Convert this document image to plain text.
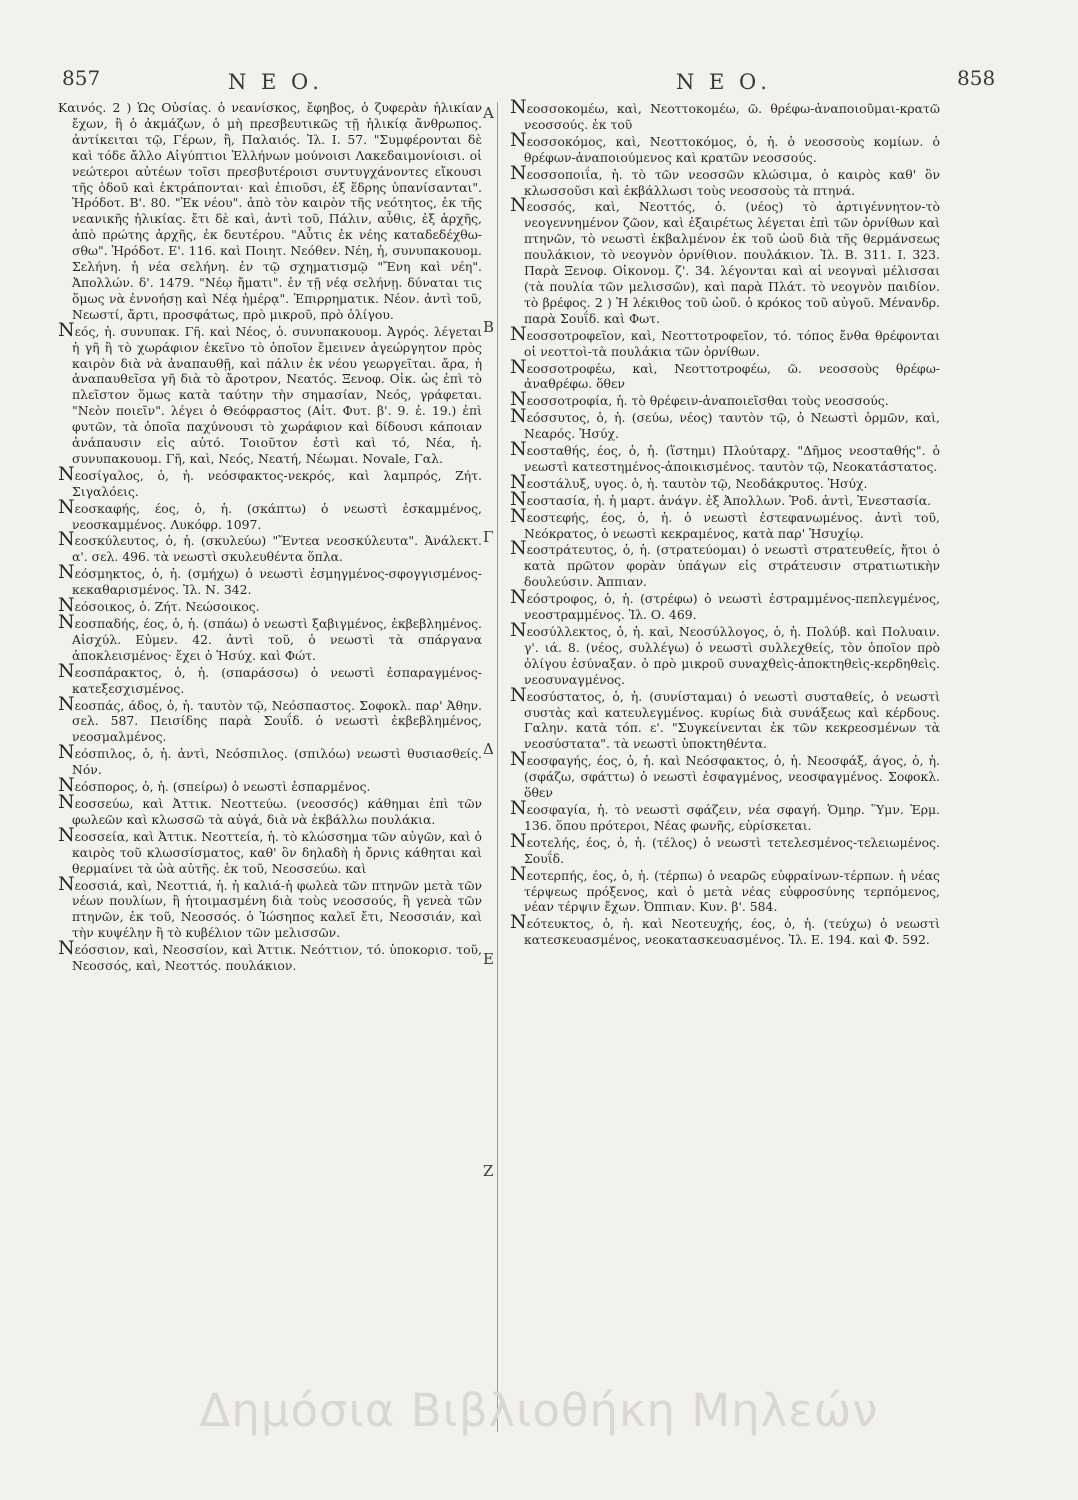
857	Ν Ε Ο.	Ν Ε Ο.	858

Καινός. 2 ) Ὡς Οὐσίας. ὁ νεανίσκος, ἔφηβος, ὁ ζυφερὰν ἡλικίαν ἔχων, ἢ ὁ ἀκμάζων, ὁ μὴ πρεσβευτικῶς τῇ ἡλικίᾳ ἄνθρωπος. ἀντίκειται τῷ, Γέρων, ἢ, Παλαιός. Ἰλ. Ι. 57. "Συμφέρονται δὲ καὶ τόδε ἄλλο Αἰγύπτιοι Ἑλλήνων μούνοισι Λακεδαιμονίοισι. οἱ νεώτεροι αὐτέων τοῖσι πρεσβυτέροισι συντυγχάνοντες εἴκουσι τῆς ὁδοῦ καὶ ἐκτράπονται· καὶ ἐπιοῦσι, ἐξ ἕδρης ὑπανίσανται". Ἡρόδοτ. Β'. 80. "Ἐκ νέου". ἀπὸ τὸν καιρὸν τῆς νεότητος, ἐκ τῆς νεανικῆς ἡλικίας. ἔτι δὲ καὶ, ἀντὶ τοῦ, Πάλιν, αὖθις, ἐξ ἀρχῆς, ἀπὸ πρώτης ἀρχῆς, ἐκ δευτέρου. "Αὖτις ἐκ νέης καταδεδέχθω-σθω". Ἡρόδοτ. Ε'. 116. καὶ Ποιητ. Νεόθεν. Νέη, ἡ, συνυπακουομ. Σελήνη. ἡ νέα σελήνη. ἐν τῷ σχηματισμῷ "Ἔνη καὶ νέη". Ἀπολλών. δ'. 1479. "Νέῳ ἤματι". ἐν τῇ νέᾳ σελήνῃ. δύναται τις ὅμως νὰ ἐννοήσῃ καὶ Νέᾳ ἡμέρᾳ". Ἐπιρρηματικ. Νέον. ἀντὶ τοῦ, Νεωστί, ἄρτι, προσφάτως, πρὸ μικροῦ, πρὸ ὀλίγου.

Νεός, ἡ. συνυπακ. Γῆ. καὶ Νέος, ὁ. συνυπακουομ. Ἀγρός. λέγεται ἡ γῆ ἢ τὸ χωράφιον ἐκεῖνο τὸ ὁποῖον ἔμεινεν ἀγεώργητον πρὸς καιρὸν διὰ νὰ ἀναπαυθῇ, καὶ πάλιν ἐκ νέου γεωργεῖται. ἄρα, ἡ ἀναπαυθεῖσα γῆ διὰ τὸ ἄροτρον, Νεατός. Ξενοφ. Οἰκ. ὡς ἐπὶ τὸ πλεῖστον ὅμως κατὰ ταύτην τὴν σημασίαν, Νεός, γράφεται. "Νεὸν ποιεῖν". λέγει ὁ Θεόφραστος (Αἰτ. Φυτ. β'. 9. ἐ. 19.) ἐπὶ φυτῶν, τὰ ὁποῖα παχύνουσι τὸ χωράφιον καὶ δίδουσι κάποιαν ἀνάπαυσιν εἰς αὐτό. Τοιοῦτον ἐστὶ καὶ τό, Νέα, ἡ. συνυπακουομ. Γῆ, καὶ, Νεός, Νεατή, Νέωμαι. Novale, Γαλ.

Νεοσίγαλος, ὁ, ἡ. νεόσφακτος-νεκρός, καὶ λαμπρός, Ζήτ. Σιγαλόεις.

Νεοσκαφής, έος, ὁ, ἡ. (σκάπτω) ὁ νεωστὶ ἐσκαμμένος, νεοσκαμμένος. Λυκόφρ. 1097.

Νεοσκύλευτος, ὁ, ἡ. (σκυλεύω) "Ἔντεα νεοσκύλευτα". Ἀνάλεκτ. α'. σελ. 496. τὰ νεωστὶ σκυλευθέντα ὅπλα.

Νεόσμηκτος, ὁ, ἡ. (σμήχω) ὁ νεωστὶ ἐσμηγμένος-σφογγισμένος-κεκαθαρισμένος. Ἰλ. Ν. 342.

Νεόσοικος, ὁ. Ζήτ. Νεώσοικος.

Νεοσπαδής, έος, ὁ, ἡ. (σπάω) ὁ νεωστὶ ξαβιγμένος, ἐκβεβλημένος. Αἰσχύλ. Εὐμεν. 42. ἀντὶ τοῦ, ὁ νεωστὶ τὰ σπάργανα ἀποκλεισμένος· ἔχει ὁ Ἡσύχ. καὶ Φώτ.

Νεοσπάρακτος, ὁ, ἡ. (σπαράσσω) ὁ νεωστὶ ἐσπαραγμένος-κατεξεσχισμένος.

Νεοσπάς, άδος, ὁ, ἡ. ταυτὸν τῷ, Νεόσπαστος. Σοφοκλ. παρ' Ἀθην. σελ. 587. Πεισίδης παρὰ Σουΐδ. ὁ νεωστὶ ἐκβεβλημένος, νεοσμαλμένος.

Νεόσπιλος, ὁ, ἡ. ἀντὶ, Νεόσπιλος. (σπιλόω) νεωστὶ θυσιασθείς. Νόν.

Νεόσπορος, ὁ, ἡ. (σπείρω) ὁ νεωστὶ ἐσπαρμένος.

Νεοσσεύω, καὶ Ἀττικ. Νεοττεύω. (νεοσσός) κάθημαι ἐπὶ τῶν φωλεῶν καὶ κλωσσῶ τὰ αὐγά, διὰ νὰ ἐκβάλλω πουλάκια.

Νεοσσεία, καὶ Ἀττικ. Νεοττεία, ἡ. τὸ κλώσσημα τῶν αὐγῶν, καὶ ὁ καιρὸς τοῦ κλωσσίσματος, καθ' ὃν δηλαδὴ ἡ ὄρνις κάθηται καὶ θερμαίνει τὰ ὠὰ αὐτῆς. ἐκ τοῦ, Νεοσσεύω. καὶ

Νεοσσιά, καὶ, Νεοττιά, ἡ. ἡ καλιά-ἡ φωλεὰ τῶν πτηνῶν μετὰ τῶν νέων πουλίων, ἢ ἡτοιμασμένη διὰ τοὺς νεοσσούς, ἢ γενεὰ τῶν πτηνῶν, ἐκ τοῦ, Νεοσσός. ὁ Ἰώσηπος καλεῖ ἔτι, Νεοσσιάν, καὶ τὴν κυψέλην ἢ τὸ κυβέλιον τῶν μελισσῶν.

Νεόσσιον, καὶ, Νεοσσίον, καὶ Ἀττικ. Νεόττιον, τό. ὑποκορισ. τοῦ, Νεοσσός, καὶ, Νεοττός. πουλάκιον.

Α
Β
Γ
Δ
Ε
Ζ

Νεοσσοκομέω, καὶ, Νεοττοκομέω, ῶ. θρέφω-ἀναποιοῦμαι-κρατῶ νεοσσούς. ἐκ τοῦ

Νεοσσοκόμος, καὶ, Νεοττοκόμος, ὁ, ἡ. ὁ νεοσσοὺς κομίων. ὁ θρέφων-ἀναποιούμενος καὶ κρατῶν νεοσσούς.

Νεοσσοποιΐα, ἡ. τὸ τῶν νεοσσῶν κλώσιμα, ὁ καιρὸς καθ' ὃν κλωσσοῦσι καὶ ἐκβάλλωσι τοὺς νεοσσοὺς τὰ πτηνά.

Νεοσσός, καὶ, Νεοττός, ὁ. (νέος) τὸ ἀρτιγέννητον-τὸ νεογεννημένον ζῶον, καὶ ἐξαιρέτως λέγεται ἐπὶ τῶν ὀρνίθων καὶ πτηνῶν, τὸ νεωστὶ ἐκβαλμένον ἐκ τοῦ ὠοῦ διὰ τῆς θερμάνσεως πουλάκιον, τὸ νεογνὸν ὀρνίθιον. πουλάκιον. Ἰλ. Β. 311. Ι. 323. Παρὰ Ξενοφ. Οἰκονομ. ζ'. 34. λέγονται καὶ αἱ νεογναὶ μέλισσαι (τὰ πουλία τῶν μελισσῶν), καὶ παρὰ Πλάτ. τὸ νεογνὸν παιδίον. τὸ βρέφος. 2 ) Ἡ λέκιθος τοῦ ὠοῦ. ὁ κρόκος τοῦ αὐγοῦ. Μένανδρ. παρὰ Σουΐδ. καὶ Φωτ.

Νεοσσοτροφεῖον, καὶ, Νεοττοτροφεῖον, τό. τόπος ἔνθα θρέφονται οἱ νεοττοὶ-τὰ πουλάκια τῶν ὀρνίθων.

Νεοσσοτροφέω, καὶ, Νεοττοτροφέω, ῶ. νεοσσοὺς θρέφω-ἀναθρέφω. ὅθεν

Νεοσσοτροφία, ἡ. τὸ θρέφειν-ἀναποιεῖσθαι τοὺς νεοσσούς.

Νεόσσυτος, ὁ, ἡ. (σεύω, νέος) ταυτὸν τῷ, ὁ Νεωστὶ ὁρμῶν, καὶ, Νεαρός. Ἡσύχ.

Νεοσταθής, έος, ὁ, ἡ. (ἵστημι) Πλούταρχ. "Δῆμος νεοσταθής". ὁ νεωστὶ κατεστημένος-ἀποικισμένος. ταυτὸν τῷ, Νεοκατάστατος.

Νεοστάλυξ, υγος. ὁ, ἡ. ταυτὸν τῷ, Νεοδάκρυτος. Ἡσύχ.

Νεοστασία, ἡ. ἡ μαρτ. ἀνάγν. ἐξ Ἀπολλων. Ῥοδ. ἀντὶ, Ἐνεστασία.

Νεοστεφής, έος, ὁ, ἡ. ὁ νεωστὶ ἐστεφανωμένος. ἀντὶ τοῦ, Νεόκρατος, ὁ νεωστὶ κεκραμένος, κατὰ παρ' Ἡσυχίῳ.

Νεοστράτευτος, ὁ, ἡ. (στρατεύομαι) ὁ νεωστὶ στρατευθείς, ἤτοι ὁ κατὰ πρῶτον φορὰν ὑπάγων εἰς στράτευσιν στρατιωτικὴν δουλεύσιν. Ἀππιαν.

Νεόστροφος, ὁ, ἡ. (στρέφω) ὁ νεωστὶ ἐστραμμένος-πεπλεγμένος, νεοστραμμένος. Ἰλ. Ο. 469.

Νεοσύλλεκτος, ὁ, ἡ. καὶ, Νεοσύλλογος, ὁ, ἡ. Πολύβ. καὶ Πολυαιν. γ'. ιά. 8. (νέος, συλλέγω) ὁ νεωστὶ συλλεχθείς, τὸν ὁποῖον πρὸ ὀλίγου ἐσύναξαν. ὁ πρὸ μικροῦ συναχθεὶς-ἀποκτηθεὶς-κερδηθεὶς. νεοσυναγμένος.

Νεοσύστατος, ὁ, ἡ. (συνίσταμαι) ὁ νεωστὶ συσταθείς, ὁ νεωστὶ συστὰς καὶ κατευλεγμένος. κυρίως διὰ συνάξεως καὶ κέρδους. Γαλην. κατὰ τόπ. ε'. "Συγκείνενται ἐκ τῶν κεκρεοσμένων τὰ νεοσύστατα". τὰ νεωστὶ ὑποκτηθέντα.

Νεοσφαγής, έος, ὁ, ἡ. καὶ Νεόσφακτος, ὁ, ἡ. Νεοσφάξ, άγος, ὁ, ἡ. (σφάζω, σφάττω) ὁ νεωστὶ ἐσφαγμένος, νεοσφαγμένος. Σοφοκλ. ὅθεν

Νεοσφαγία, ἡ. τὸ νεωστὶ σφάζειν, νέα σφαγή. Ὁμηρ. Ὕμν. Ἑρμ. 136. ὅπου πρότεροι, Νέας φωνῆς, εὑρίσκεται.

Νεοτελής, έος, ὁ, ἡ. (τέλος) ὁ νεωστὶ τετελεσμένος-τελειωμένος. Σουΐδ.

Νεοτερπής, έος, ὁ, ἡ. (τέρπω) ὁ νεαρῶς εὐφραίνων-τέρπων. ἡ νέας τέρψεως πρόξενος, καὶ ὁ μετὰ νέας εὐφροσύνης τερπόμενος, νέαν τέρψιν ἔχων. Ὀππιαν. Κυν. β'. 584.

Νεότευκτος, ὁ, ἡ. καὶ Νεοτευχής, έος, ὁ, ἡ. (τεύχω) ὁ νεωστὶ κατεσκευασμένος, νεοκατασκευασμένος. Ἰλ. Ε. 194. καὶ Φ. 592.

Δημόσια Βιβλιοθήκη Μηλεών
